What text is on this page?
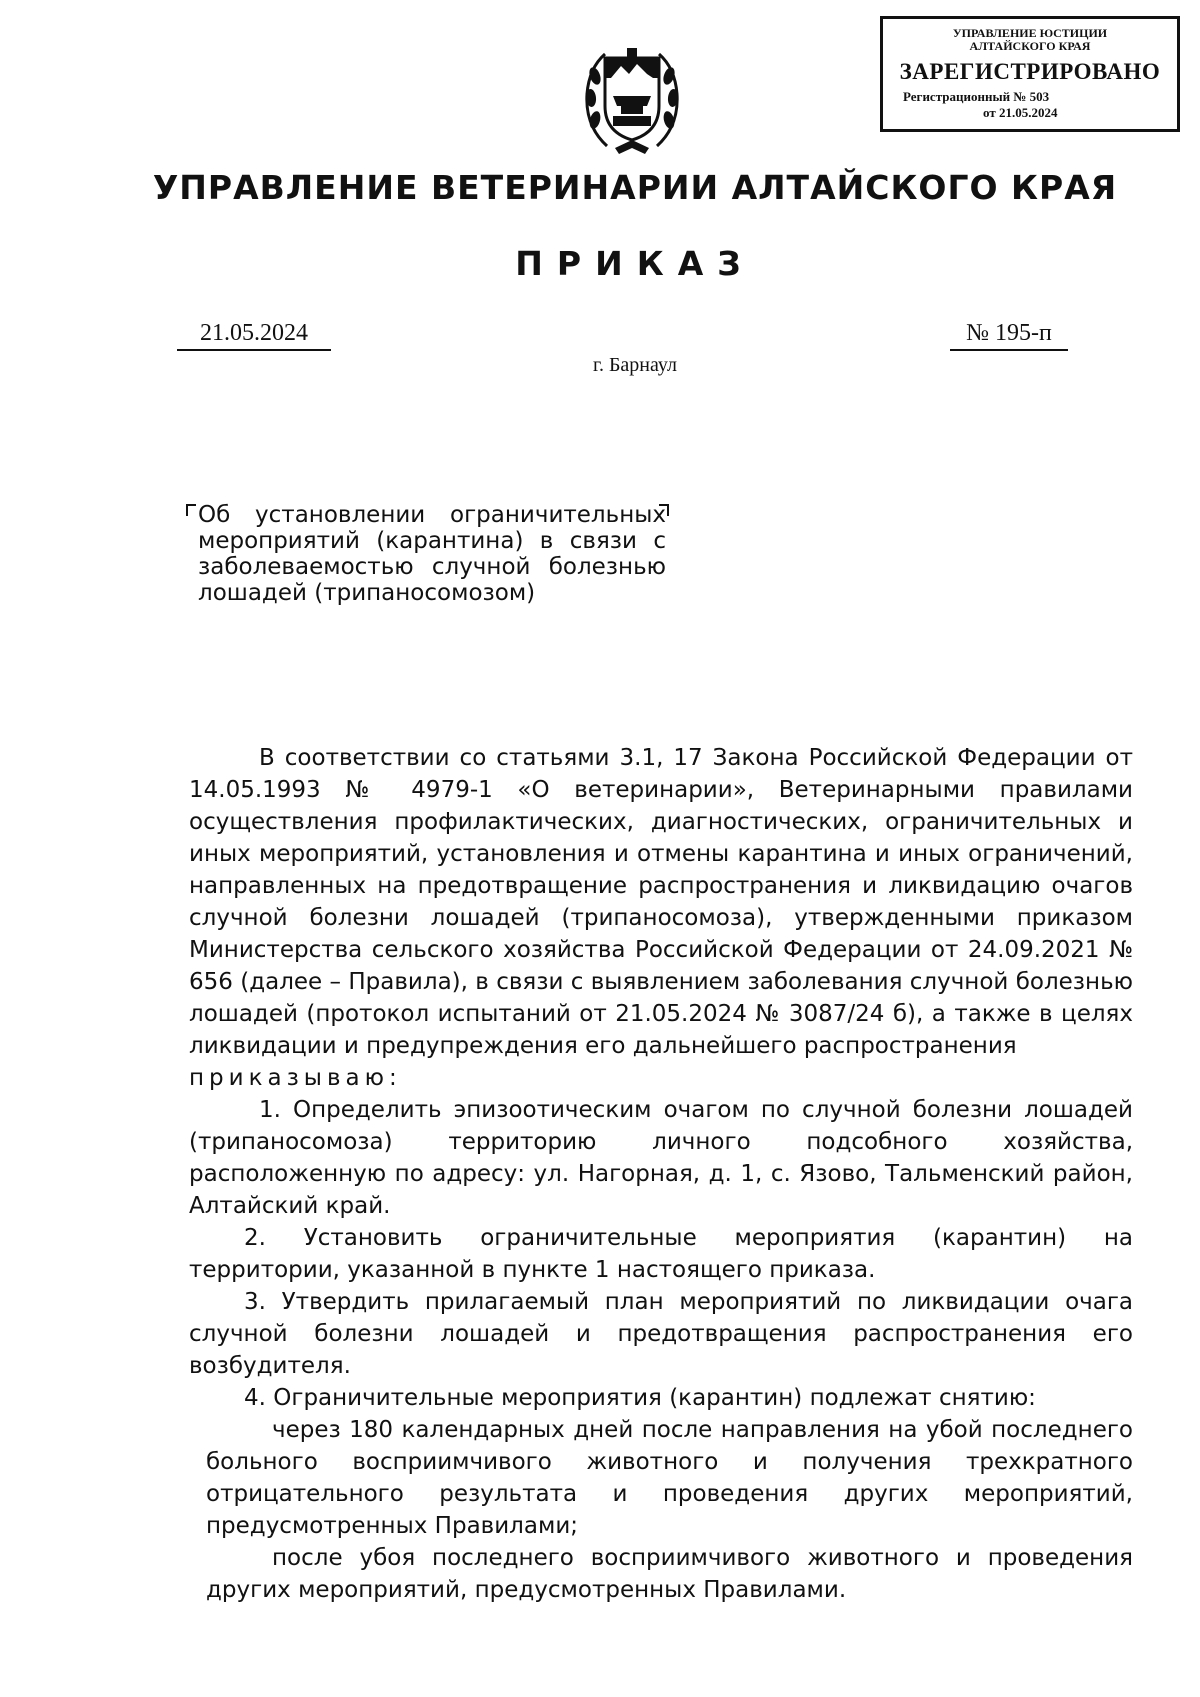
УПРАВЛЕНИЕ ЮСТИЦИИ
АЛТАЙСКОГО КРАЯ
ЗАРЕГИСТРИРОВАНО
Регистрационный № 503
от 21.05.2024
УПРАВЛЕНИЕ ВЕТЕРИНАРИИ АЛТАЙСКОГО КРАЯ
ПРИКАЗ
21.05.2024	№ 195-п
г. Барнаул
Об установлении ограничительных мероприятий (карантина) в связи с заболеваемостью случной болезнью лошадей (трипаносомозом)

В соответствии со статьями 3.1, 17 Закона Российской Федерации от 14.05.1993 № 4979-1 «О ветеринарии», Ветеринарными правилами осуществления профилактических, диагностических, ограничительных и иных мероприятий, установления и отмены карантина и иных ограничений, направленных на предотвращение распространения и ликвидацию очагов случной болезни лошадей (трипаносомоза), утвержденными приказом Министерства сельского хозяйства Российской Федерации от 24.09.2021 № 656 (далее – Правила), в связи с выявлением заболевания случной болезнью лошадей (протокол испытаний от 21.05.2024 № 3087/24 б), а также в целях ликвидации и предупреждения его дальнейшего распространения

приказываю:

1. Определить эпизоотическим очагом по случной болезни лошадей (трипаносомоза) территорию личного подсобного хозяйства, расположенную по адресу: ул. Нагорная, д. 1, с. Язово, Тальменский район, Алтайский край.

2. Установить ограничительные мероприятия (карантин) на территории, указанной в пункте 1 настоящего приказа.

3. Утвердить прилагаемый план мероприятий по ликвидации очага случной болезни лошадей и предотвращения распространения его возбудителя.

4. Ограничительные мероприятия (карантин) подлежат снятию:

через 180 календарных дней после направления на убой последнего больного восприимчивого животного и получения трехкратного отрицательного результата и проведения других мероприятий, предусмотренных Правилами;

после убоя последнего восприимчивого животного и проведения других мероприятий, предусмотренных Правилами.
